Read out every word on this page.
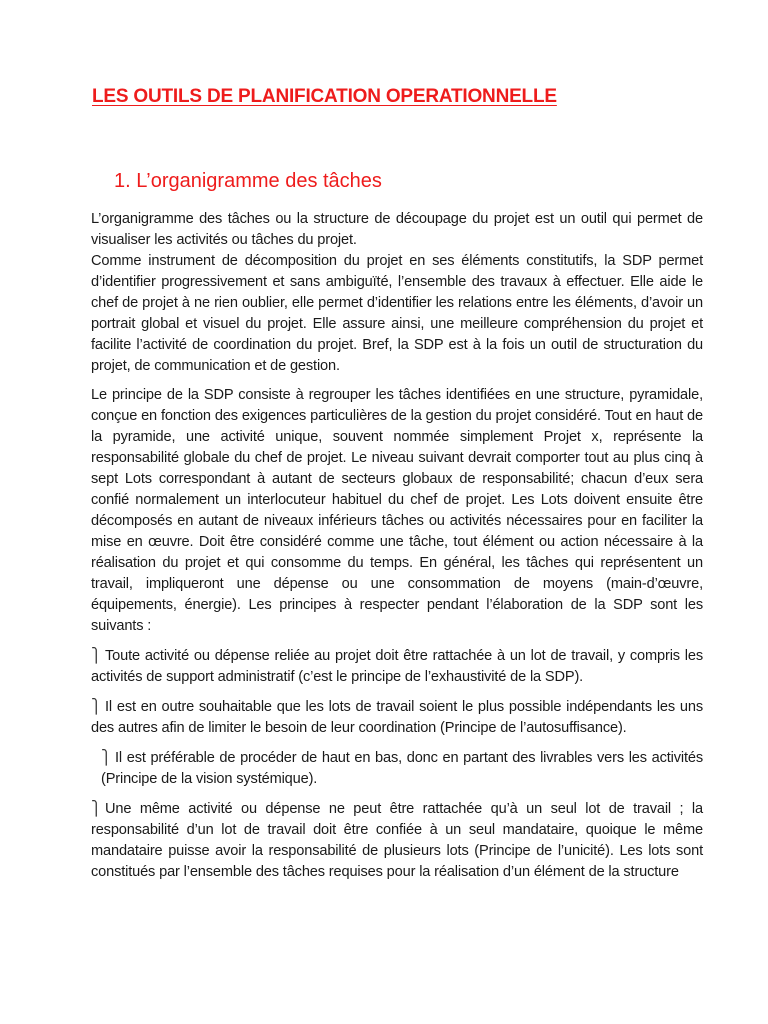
LES OUTILS DE PLANIFICATION OPERATIONNELLE
1. L’organigramme des tâches

L’organigramme des tâches ou la structure de découpage du projet est un outil qui permet de visualiser les activités ou tâches du projet.

Comme instrument de décomposition du projet en ses éléments constitutifs, la SDP permet d’identifier progressivement et sans ambiguïté, l’ensemble des travaux à effectuer. Elle aide le chef de projet à ne rien oublier, elle permet d’identifier les relations entre les éléments, d’avoir un portrait global et visuel du projet. Elle assure ainsi, une meilleure compréhension du projet et facilite l’activité de coordination du projet. Bref, la SDP est à la fois un outil de structuration du projet, de communication et de gestion.

Le principe de la SDP consiste à regrouper les tâches identifiées en une structure, pyramidale, conçue en fonction des exigences particulières de la gestion du projet considéré. Tout en haut de la pyramide, une activité unique, souvent nommée simplement Projet x, représente la responsabilité globale du chef de projet. Le niveau suivant devrait comporter tout au plus cinq à sept Lots correspondant à autant de secteurs globaux de responsabilité; chacun d’eux sera confié normalement un interlocuteur habituel du chef de projet. Les Lots doivent ensuite être décomposés en autant de niveaux inférieurs tâches ou activités nécessaires pour en faciliter la mise en œuvre. Doit être considéré comme une tâche, tout élément ou action nécessaire à la réalisation du projet et qui consomme du temps. En général, les tâches qui représentent un travail, impliqueront une dépense ou une consommation de moyens (main-d’œuvre, équipements, énergie). Les principes à respecter pendant l’élaboration de la SDP sont les suivants :

⎫ Toute activité ou dépense reliée au projet doit être rattachée à un lot de travail, y compris les activités de support administratif (c’est le principe de l’exhaustivité de la SDP).

⎫ Il est en outre souhaitable que les lots de travail soient le plus possible indépendants les uns des autres afin de limiter le besoin de leur coordination (Principe de l’autosuffisance).

⎫ Il est préférable de procéder de haut en bas, donc en partant des livrables vers les activités (Principe de la vision systémique).

⎫ Une même activité ou dépense ne peut être rattachée qu’à un seul lot de travail ; la responsabilité d’un lot de travail doit être confiée à un seul mandataire, quoique le même mandataire puisse avoir la responsabilité de plusieurs lots (Principe de l’unicité). Les lots sont constitués par l’ensemble des tâches requises pour la réalisation d’un élément de la structure
